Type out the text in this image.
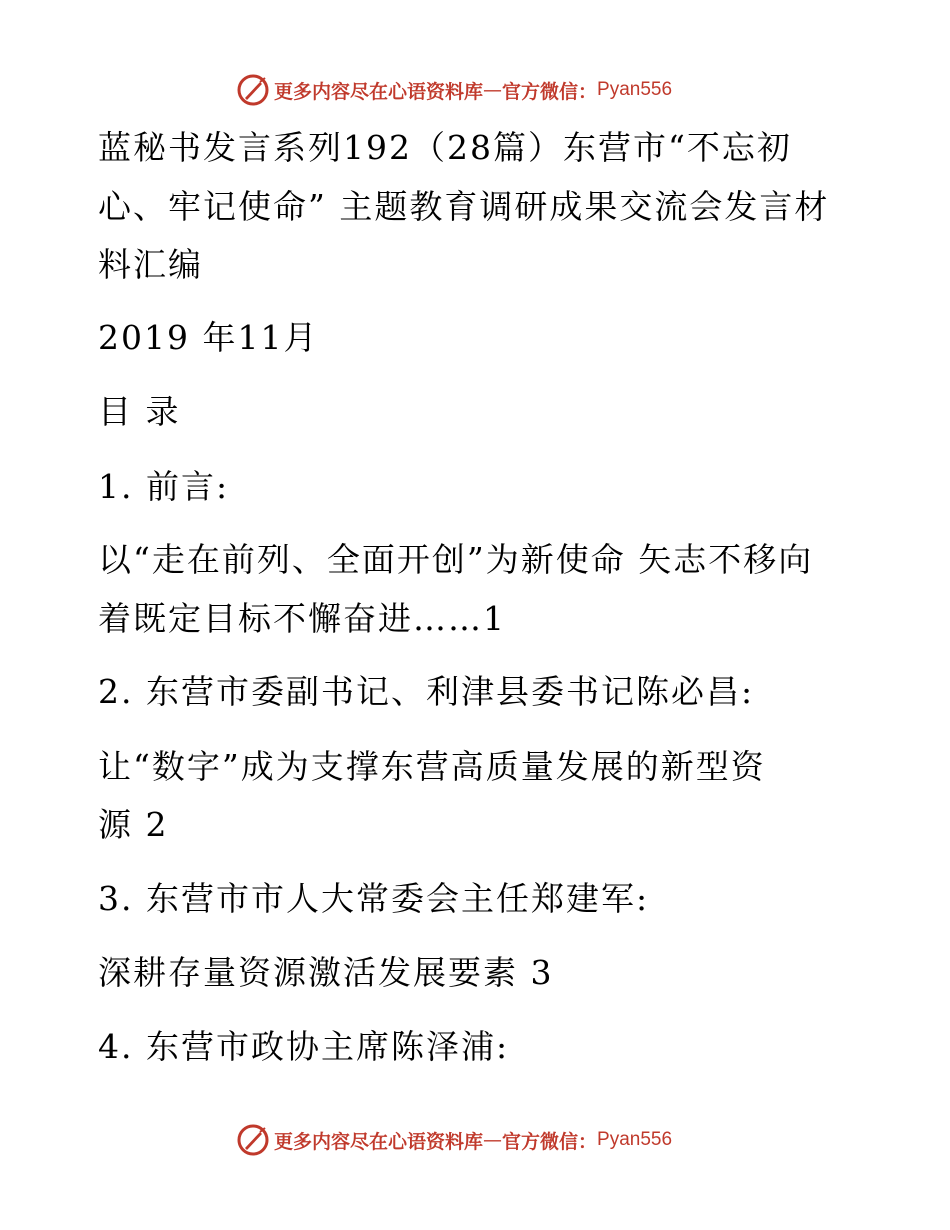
更多内容尽在心语资料库 — 官方微信： Pyan556
蓝秘书发言系列192（28篇）东营市“不忘初
心、牢记使命” 主题教育调研成果交流会发言材
料汇编
2019 年11月
目 录
1. 前言:
以“走在前列、全面开创”为新使命 矢志不移向
着既定目标不懈奋进……1
2. 东营市委副书记、利津县委书记陈必昌:
让“数字”成为支撑东营高质量发展的新型资
源 2
3. 东营市市人大常委会主任郑建军:
深耕存量资源激活发展要素 3
4. 东营市政协主席陈泽浦:
更多内容尽在心语资料库 — 官方微信： Pyan556
